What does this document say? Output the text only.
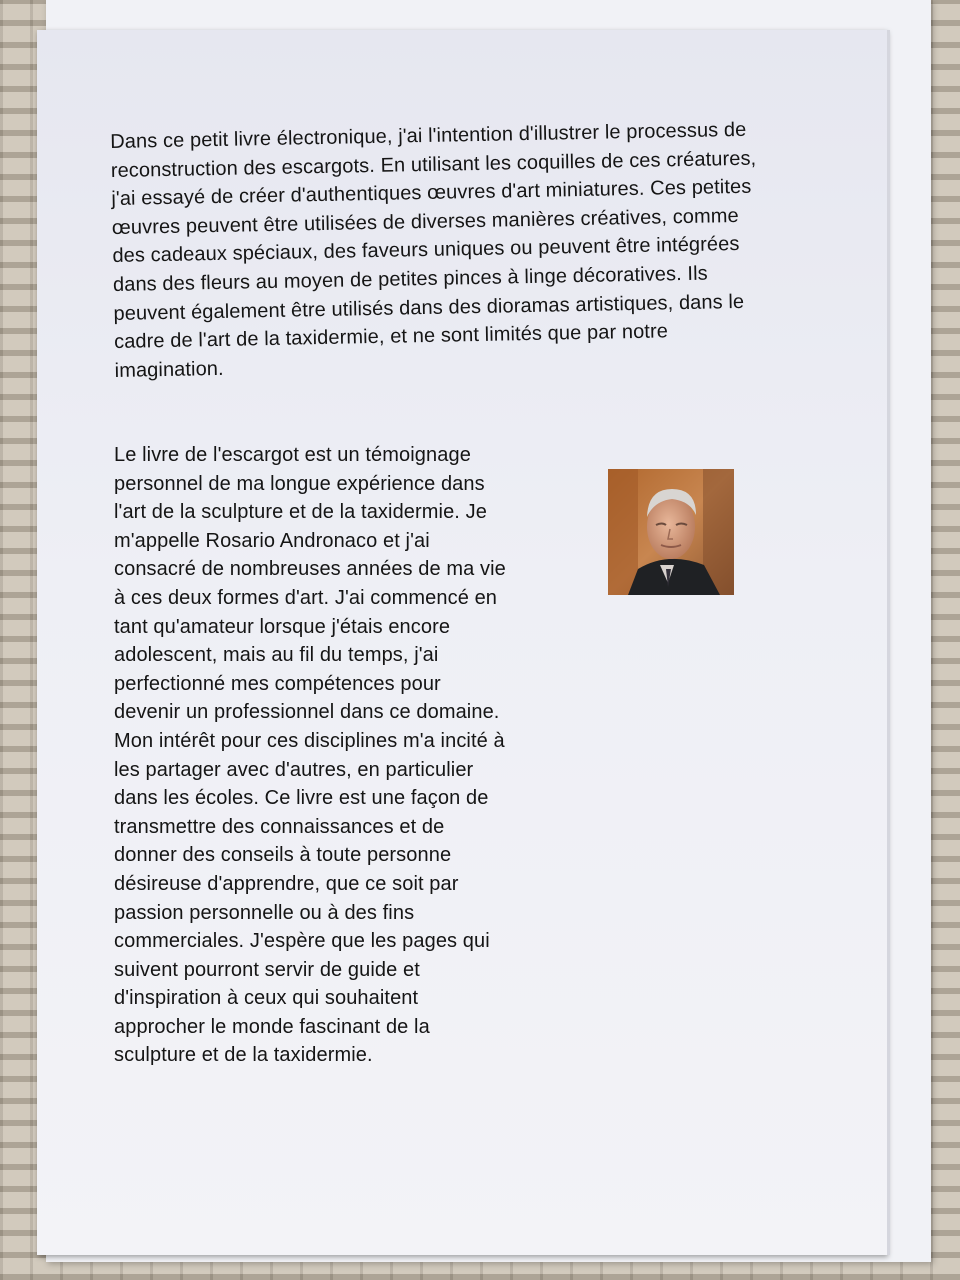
Dans ce petit livre électronique, j'ai l'intention d'illustrer le processus de reconstruction des escargots. En utilisant les coquilles de ces créatures, j'ai essayé de créer d'authentiques œuvres d'art miniatures. Ces petites œuvres peuvent être utilisées de diverses manières créatives, comme des cadeaux spéciaux, des faveurs uniques ou peuvent être intégrées dans des fleurs au moyen de petites pinces à linge décoratives. Ils peuvent également être utilisés dans des dioramas artistiques, dans le cadre de l'art de la taxidermie, et ne sont limités que par notre imagination.
Le livre de l'escargot est un témoignage personnel de ma longue expérience dans l'art de la sculpture et de la taxidermie. Je m'appelle Rosario Andronaco et j'ai consacré de nombreuses années de ma vie à ces deux formes d'art. J'ai commencé en tant qu'amateur lorsque j'étais encore adolescent, mais au fil du temps, j'ai perfectionné mes compétences pour devenir un professionnel dans ce domaine. Mon intérêt pour ces disciplines m'a incité à les partager avec d'autres, en particulier dans les écoles. Ce livre est une façon de transmettre des connaissances et de donner des conseils à toute personne désireuse d'apprendre, que ce soit par passion personnelle ou à des fins commerciales. J'espère que les pages qui suivent pourront servir de guide et d'inspiration à ceux qui souhaitent approcher le monde fascinant de la sculpture et de la taxidermie.
